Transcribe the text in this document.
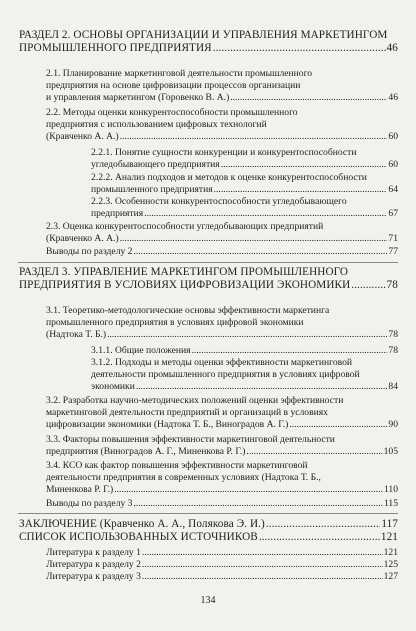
РАЗДЕЛ 2. ОСНОВЫ ОРГАНИЗАЦИИ И УПРАВЛЕНИЯ МАРКЕТИНГОМ
ПРОМЫШЛЕННОГО ПРЕДПРИЯТИЯ .....	46
2.1. Планирование маркетинговой деятельности промышленного
предприятия на основе цифровизации процессов организации
и управления маркетингом (Горовенко В. А.) .....	46
2.2. Методы оценки конкурентоспособности промышленного
предприятия с использованием цифровых технологий
(Кравченко А. А.) .....	60
2.2.1. Понятие сущности конкуренции и конкурентоспособности
угледобывающего предприятия .....	60
2.2.2. Анализ подходов и методов к оценке конкурентоспособности
промышленного предприятия .....	64
2.2.3. Особенности конкурентоспособности угледобывающего
предприятия .....	67
2.3. Оценка конкурентоспособности угледобывающих предприятий
(Кравченко А. А.) .....	71
Выводы по разделу 2 .....	77
РАЗДЕЛ 3. УПРАВЛЕНИЕ МАРКЕТИНГОМ ПРОМЫШЛЕННОГО
ПРЕДПРИЯТИЯ В УСЛОВИЯХ ЦИФРОВИЗАЦИИ ЭКОНОМИКИ .....	78
3.1. Теоретико-методологические основы эффективности маркетинга
промышленного предприятия в условиях цифровой экономики
(Надтока Т. Б.) .....	78
3.1.1. Общие положения .....	78
3.1.2. Подходы и методы оценки эффективности маркетинговой
деятельности промышленного предприятия в условиях цифровой
экономики .....	84
3.2. Разработка научно-методических положений оценки эффективности
маркетинговой деятельности предприятий и организаций в условиях
цифровизации экономики (Надтока Т. Б., Виноградов А. Г.) .....	90
3.3. Факторы повышения эффективности маркетинговой деятельности
предприятия (Виноградов А. Г., Миненкова Р. Г.) .....	105
3.4. КСО как фактор повышения эффективности маркетинговой
деятельности предприятия в современных условиях (Надтока Т. Б.,
Миненкова Р. Г.) .....	110
Выводы по разделу 3 .....	115
ЗАКЛЮЧЕНИЕ (Кравченко А. А., Полякова Э. И.) .....	117
СПИСОК ИСПОЛЬЗОВАННЫХ ИСТОЧНИКОВ .....	121
Литература к разделу 1 .....	121
Литература к разделу 2 .....	125
Литература к разделу 3 .....	127
134
